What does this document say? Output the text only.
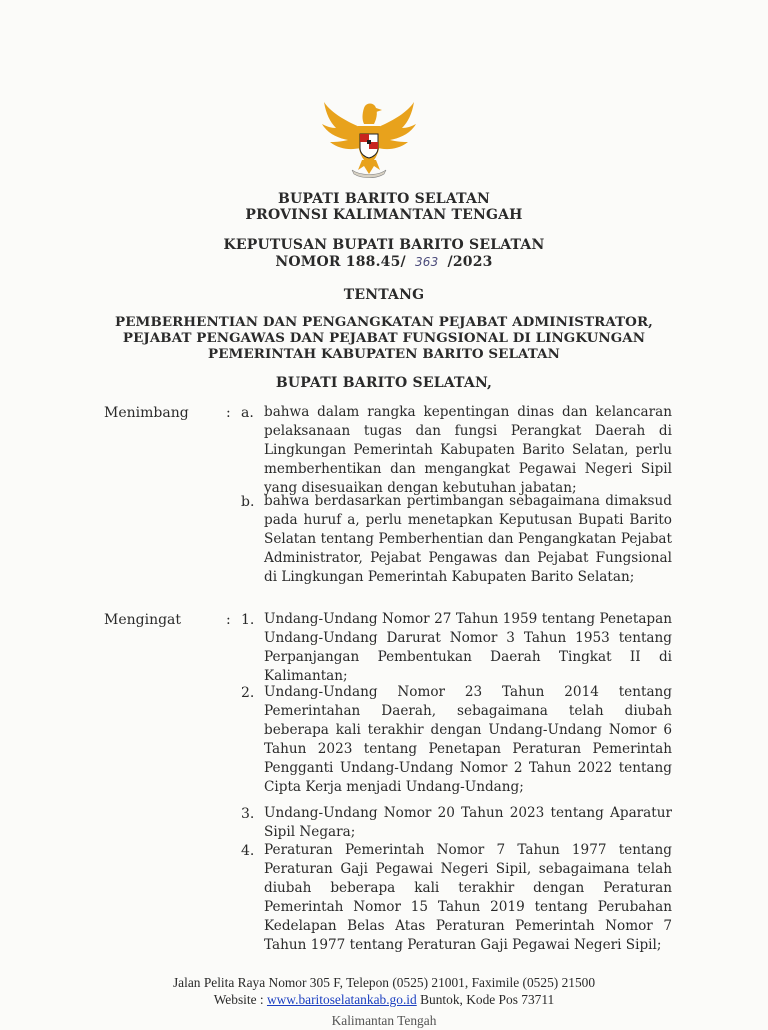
BUPATI BARITO SELATAN
PROVINSI KALIMANTAN TENGAH
KEPUTUSAN BUPATI BARITO SELATAN
NOMOR 188.45/ 363 /2023
TENTANG
PEMBERHENTIAN DAN PENGANGKATAN PEJABAT ADMINISTRATOR,
PEJABAT PENGAWAS DAN PEJABAT FUNGSIONAL DI LINGKUNGAN
PEMERINTAH KABUPATEN BARITO SELATAN
BUPATI BARITO SELATAN,
Menimbang	: a. bahwa dalam rangka kepentingan dinas dan kelancaran pelaksanaan tugas dan fungsi Perangkat Daerah di Lingkungan Pemerintah Kabupaten Barito Selatan, perlu memberhentikan dan mengangkat Pegawai Negeri Sipil yang disesuaikan dengan kebutuhan jabatan;
b. bahwa berdasarkan pertimbangan sebagaimana dimaksud pada huruf a, perlu menetapkan Keputusan Bupati Barito Selatan tentang Pemberhentian dan Pengangkatan Pejabat Administrator, Pejabat Pengawas dan Pejabat Fungsional di Lingkungan Pemerintah Kabupaten Barito Selatan;
Mengingat	: 1. Undang-Undang Nomor 27 Tahun 1959 tentang Penetapan Undang-Undang Darurat Nomor 3 Tahun 1953 tentang Perpanjangan Pembentukan Daerah Tingkat II di Kalimantan;
2. Undang-Undang Nomor 23 Tahun 2014 tentang Pemerintahan Daerah, sebagaimana telah diubah beberapa kali terakhir dengan Undang-Undang Nomor 6 Tahun 2023 tentang Penetapan Peraturan Pemerintah Pengganti Undang-Undang Nomor 2 Tahun 2022 tentang Cipta Kerja menjadi Undang-Undang;
3. Undang-Undang Nomor 20 Tahun 2023 tentang Aparatur Sipil Negara;
4. Peraturan Pemerintah Nomor 7 Tahun 1977 tentang Peraturan Gaji Pegawai Negeri Sipil, sebagaimana telah diubah beberapa kali terakhir dengan Peraturan Pemerintah Nomor 15 Tahun 2019 tentang Perubahan Kedelapan Belas Atas Peraturan Pemerintah Nomor 7 Tahun 1977 tentang Peraturan Gaji Pegawai Negeri Sipil;
Jalan Pelita Raya Nomor 305 F, Telepon (0525) 21001, Faximile (0525) 21500
Website : www.baritoselatankab.go.id Buntok, Kode Pos 73711
Kalimantan Tengah
